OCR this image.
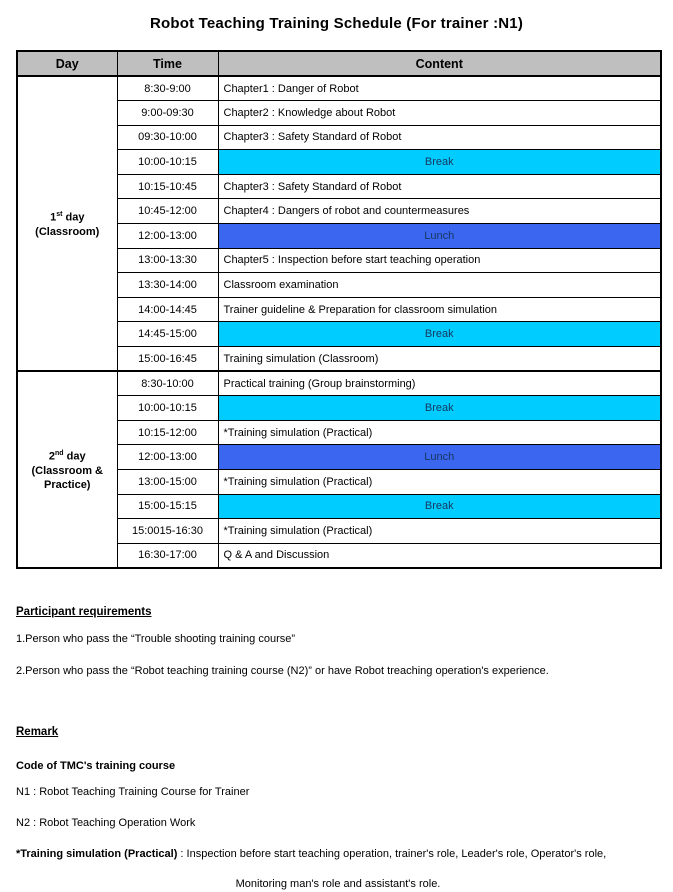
Robot Teaching Training Schedule (For trainer :N1)
Day	Time	Content

1st day
(Classroom)	8:30-9:00	Chapter1 : Danger of Robot
	9:00-09:30	Chapter2 : Knowledge about Robot
	09:30-10:00	Chapter3 : Safety Standard of Robot
	10:00-10:15	Break
	10:15-10:45	Chapter3 : Safety Standard of Robot
	10:45-12:00	Chapter4 : Dangers of robot and countermeasures
	12:00-13:00	Lunch
	13:00-13:30	Chapter5 : Inspection before start teaching operation
	13:30-14:00	Classroom examination
	14:00-14:45	Trainer guideline & Preparation for classroom simulation
	14:45-15:00	Break
	15:00-16:45	Training simulation (Classroom)

2nd day
(Classroom & Practice)	8:30-10:00	Practical training (Group brainstorming)
	10:00-10:15	Break
	10:15-12:00	*Training simulation (Practical)
	12:00-13:00	Lunch
	13:00-15:00	*Training simulation (Practical)
	15:00-15:15	Break
	15:0015-16:30	*Training simulation (Practical)
	16:30-17:00	Q & A and Discussion
Participant requirements
1.Person who pass the “Trouble shooting training course”
2.Person who pass the “Robot teaching training course (N2)” or have Robot treaching operation's experience.
Remark
Code of TMC's training course
N1 : Robot Teaching Training Course for Trainer
N2 : Robot Teaching Operation Work
*Training simulation (Practical) : Inspection before start teaching operation, trainer's role, Leader's role, Operator's role,
Monitoring man's role and assistant's role.
